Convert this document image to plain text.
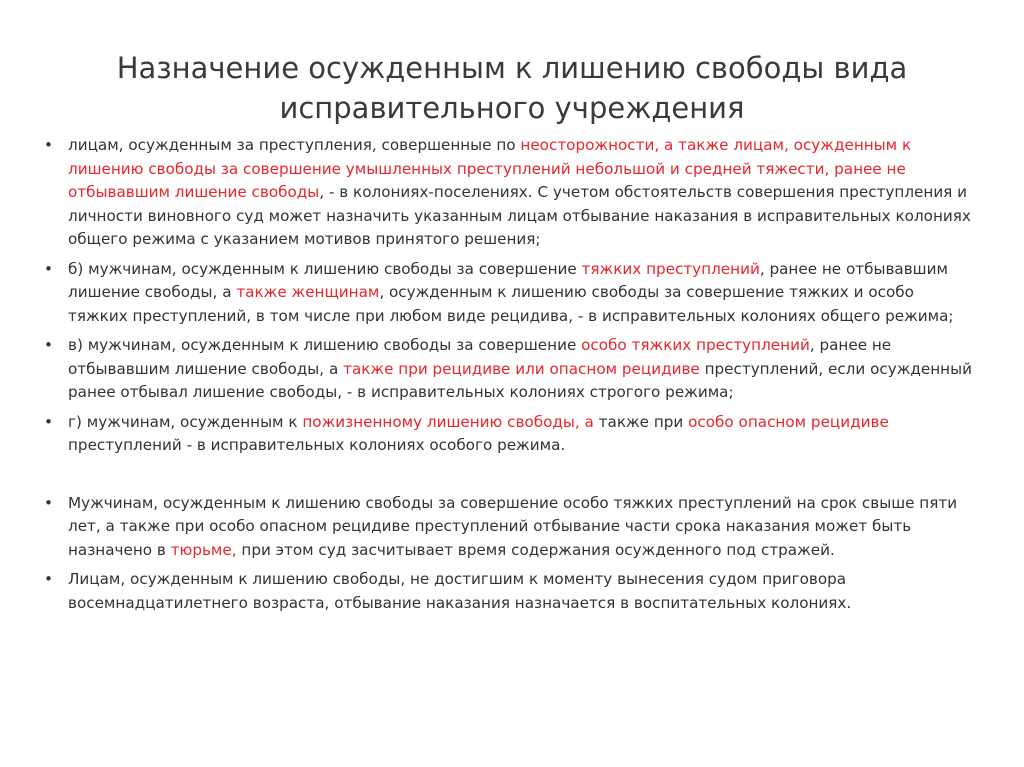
Назначение осужденным к лишению свободы вида исправительного учреждения
• лицам, осужденным за преступления, совершенные по неосторожности, а также лицам, осужденным к лишению свободы за совершение умышленных преступлений небольшой и средней тяжести, ранее не отбывавшим лишение свободы, - в колониях-поселениях. С учетом обстоятельств совершения преступления и личности виновного суд может назначить указанным лицам отбывание наказания в исправительных колониях общего режима с указанием мотивов принятого решения;
• б) мужчинам, осужденным к лишению свободы за совершение тяжких преступлений, ранее не отбывавшим лишение свободы, а также женщинам, осужденным к лишению свободы за совершение тяжких и особо тяжких преступлений, в том числе при любом виде рецидива, - в исправительных колониях общего режима;
• в) мужчинам, осужденным к лишению свободы за совершение особо тяжких преступлений, ранее не отбывавшим лишение свободы, а также при рецидиве или опасном рецидиве преступлений, если осужденный ранее отбывал лишение свободы, - в исправительных колониях строгого режима;
• г) мужчинам, осужденным к пожизненному лишению свободы, а также при особо опасном рецидиве преступлений - в исправительных колониях особого режима.
• Мужчинам, осужденным к лишению свободы за совершение особо тяжких преступлений на срок свыше пяти лет, а также при особо опасном рецидиве преступлений отбывание части срока наказания может быть назначено в тюрьме, при этом суд засчитывает время содержания осужденного под стражей.
• Лицам, осужденным к лишению свободы, не достигшим к моменту вынесения судом приговора восемнадцатилетнего возраста, отбывание наказания назначается в воспитательных колониях.
